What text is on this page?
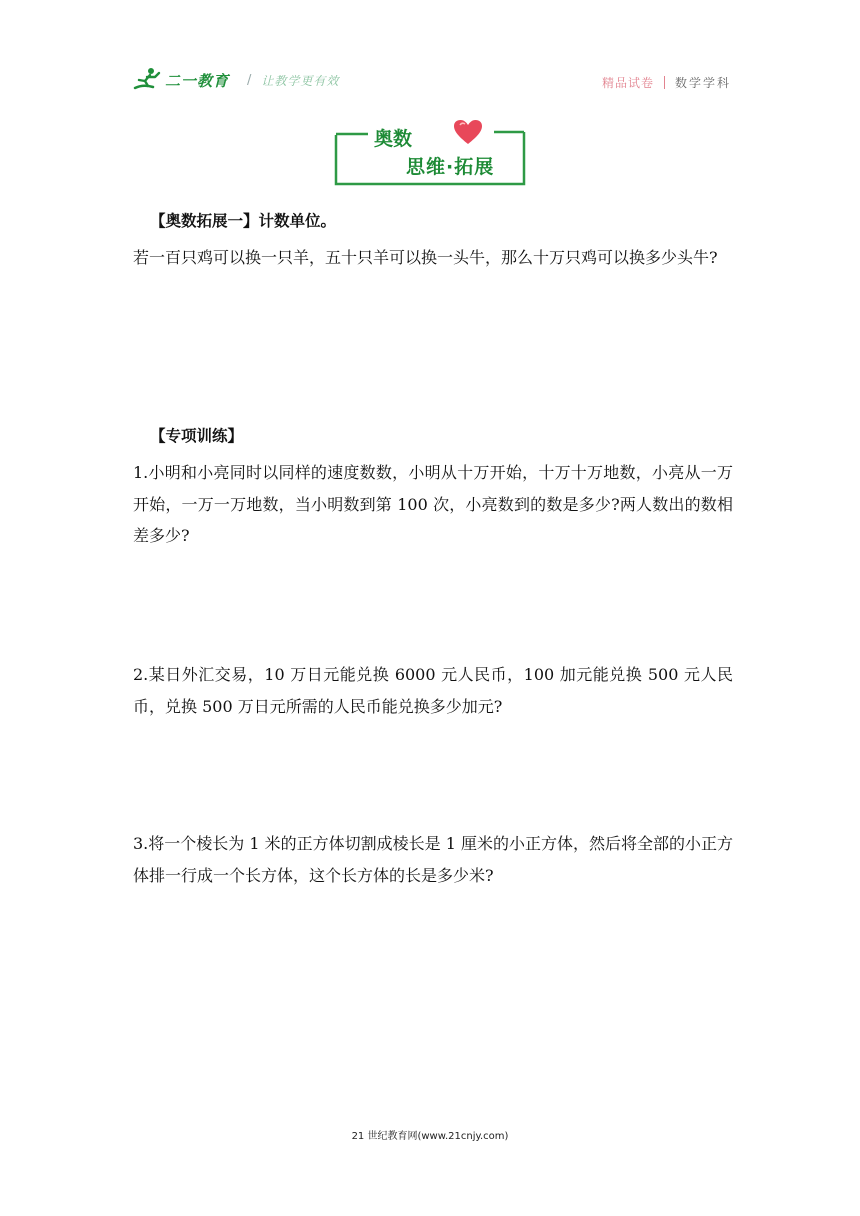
二一教育 / 让教学更有效	精品试卷 数学学科
奥数
思维·拓展
【奥数拓展一】计数单位。
若一百只鸡可以换一只羊，五十只羊可以换一头牛，那么十万只鸡可以换多少头牛?
【专项训练】
1.小明和小亮同时以同样的速度数数，小明从十万开始，十万十万地数，小亮从一万开始，一万一万地数，当小明数到第 100 次，小亮数到的数是多少?两人数出的数相差多少?
2.某日外汇交易，10 万日元能兑换 6000 元人民币，100 加元能兑换 500 元人民币，兑换 500 万日元所需的人民币能兑换多少加元?
3.将一个棱长为 1 米的正方体切割成棱长是 1 厘米的小正方体，然后将全部的小正方体排一行成一个长方体，这个长方体的长是多少米?
21 世纪教育网(www.21cnjy.com)
